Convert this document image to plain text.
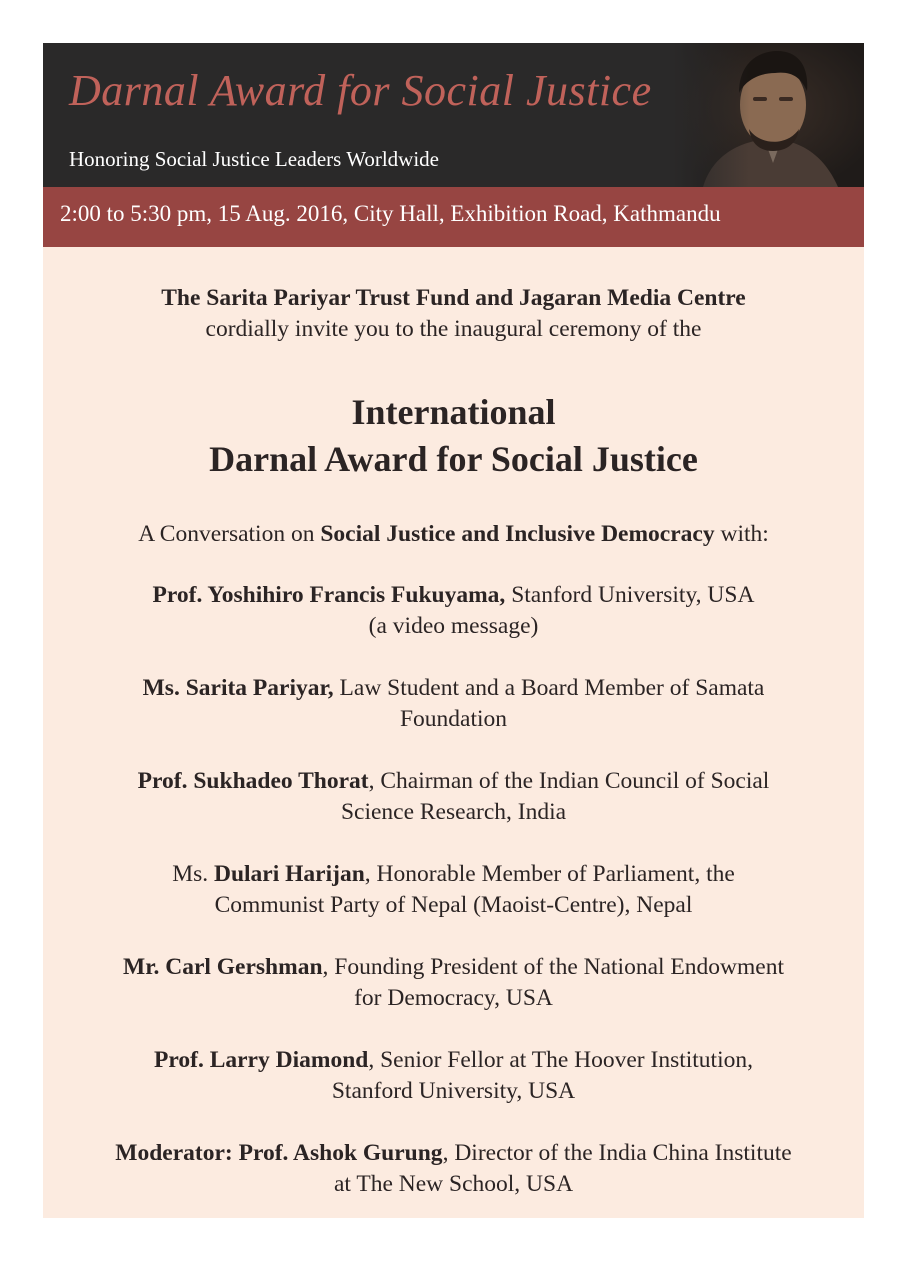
Darnal Award for Social Justice
Honoring Social Justice Leaders Worldwide
2:00 to 5:30 pm, 15 Aug. 2016, City Hall, Exhibition Road, Kathmandu
The Sarita Pariyar Trust Fund and Jagaran Media Centre
cordially invite you to the inaugural ceremony of the
International
Darnal Award for Social Justice
A Conversation on Social Justice and Inclusive Democracy with:
Prof. Yoshihiro Francis Fukuyama, Stanford University, USA
(a video message)
Ms. Sarita Pariyar, Law Student and a Board Member of Samata
Foundation
Prof. Sukhadeo Thorat, Chairman of the Indian Council of Social
Science Research, India
Ms. Dulari Harijan, Honorable Member of Parliament, the
Communist Party of Nepal (Maoist-Centre), Nepal
Mr. Carl Gershman, Founding President of the National Endowment
for Democracy, USA
Prof. Larry Diamond, Senior Fellor at The Hoover Institution,
Stanford University, USA
Moderator: Prof. Ashok Gurung, Director of the India China Institute
at The New School, USA
